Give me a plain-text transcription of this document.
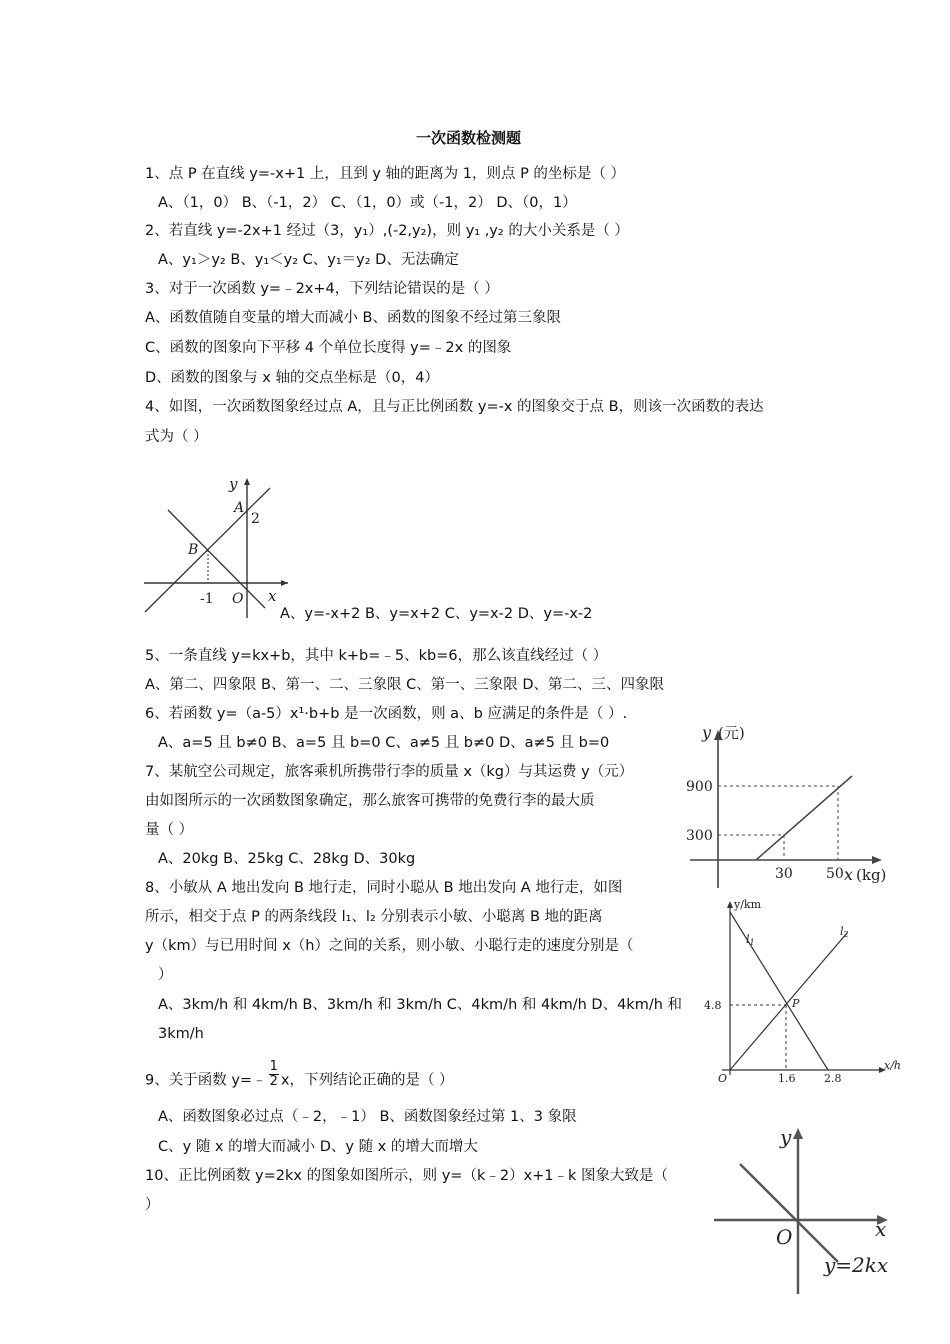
一次函数检测题
1、点 P 在直线 y=-x+1 上，且到 y 轴的距离为 1，则点 P 的坐标是（ ）
A、（1，0） B、（-1，2） C、（1，0）或（-1，2） D、（0，1）
2、若直线 y=-2x+1 经过（3，y₁）,(-2,y₂)，则 y₁ ,y₂ 的大小关系是（ ）
A、y₁＞y₂ B、y₁＜y₂ C、y₁＝y₂ D、无法确定
3、对于一次函数 y=﹣2x+4，下列结论错误的是（ ）
A、函数值随自变量的增大而减小 B、函数的图象不经过第三象限
C、函数的图象向下平移 4 个单位长度得 y=﹣2x 的图象
D、函数的图象与 x 轴的交点坐标是（0，4）
4、如图，一次函数图象经过点 A，且与正比例函数 y=-x 的图象交于点 B，则该一次函数的表达
式为（ ）
y
A
2
B
-1 O x
A、y=-x+2 B、y=x+2 C、y=x-2 D、y=-x-2
5、一条直线 y=kx+b，其中 k+b=﹣5、kb=6，那么该直线经过（ ）
A、第二、四象限 B、第一、二、三象限 C、第一、三象限 D、第二、三、四象限
6、若函数 y=（a-5）x¹·b+b 是一次函数，则 a、b 应满足的条件是（ ）.
A、a=5 且 b≠0 B、a=5 且 b=0 C、a≠5 且 b≠0 D、a≠5 且 b=0
7、某航空公司规定，旅客乘机所携带行李的质量 x（kg）与其运费 y（元）
由如图所示的一次函数图象确定，那么旅客可携带的免费行李的最大质
量（ ）
A、20kg B、25kg C、28kg D、30kg
y (元)
900
300
30 50 x (kg)
8、小敏从 A 地出发向 B 地行走，同时小聪从 B 地出发向 A 地行走，如图
所示，相交于点 P 的两条线段 l₁、l₂ 分别表示小敏、小聪离 B 地的距离
y（km）与已用时间 x（h）之间的关系，则小敏、小聪行走的速度分别是（
）
A、3km/h 和 4km/h B、3km/h 和 3km/h C、4km/h 和 4km/h D、4km/h 和
3km/h
y/km
l1
l2
P
4.8
1.6	2.8
O
x/h
9、关于函数 y=﹣ $\frac{1}{2}$ x，下列结论正确的是（ ）
A、函数图象必过点（﹣2，﹣1） B、函数图象经过第 1、3 象限
C、y 随 x 的增大而减小 D、y 随 x 的增大而增大
10、正比例函数 y=2kx 的图象如图所示，则 y=（k﹣2）x+1﹣k 图象大致是（
）
y
O	x
y=2kx
